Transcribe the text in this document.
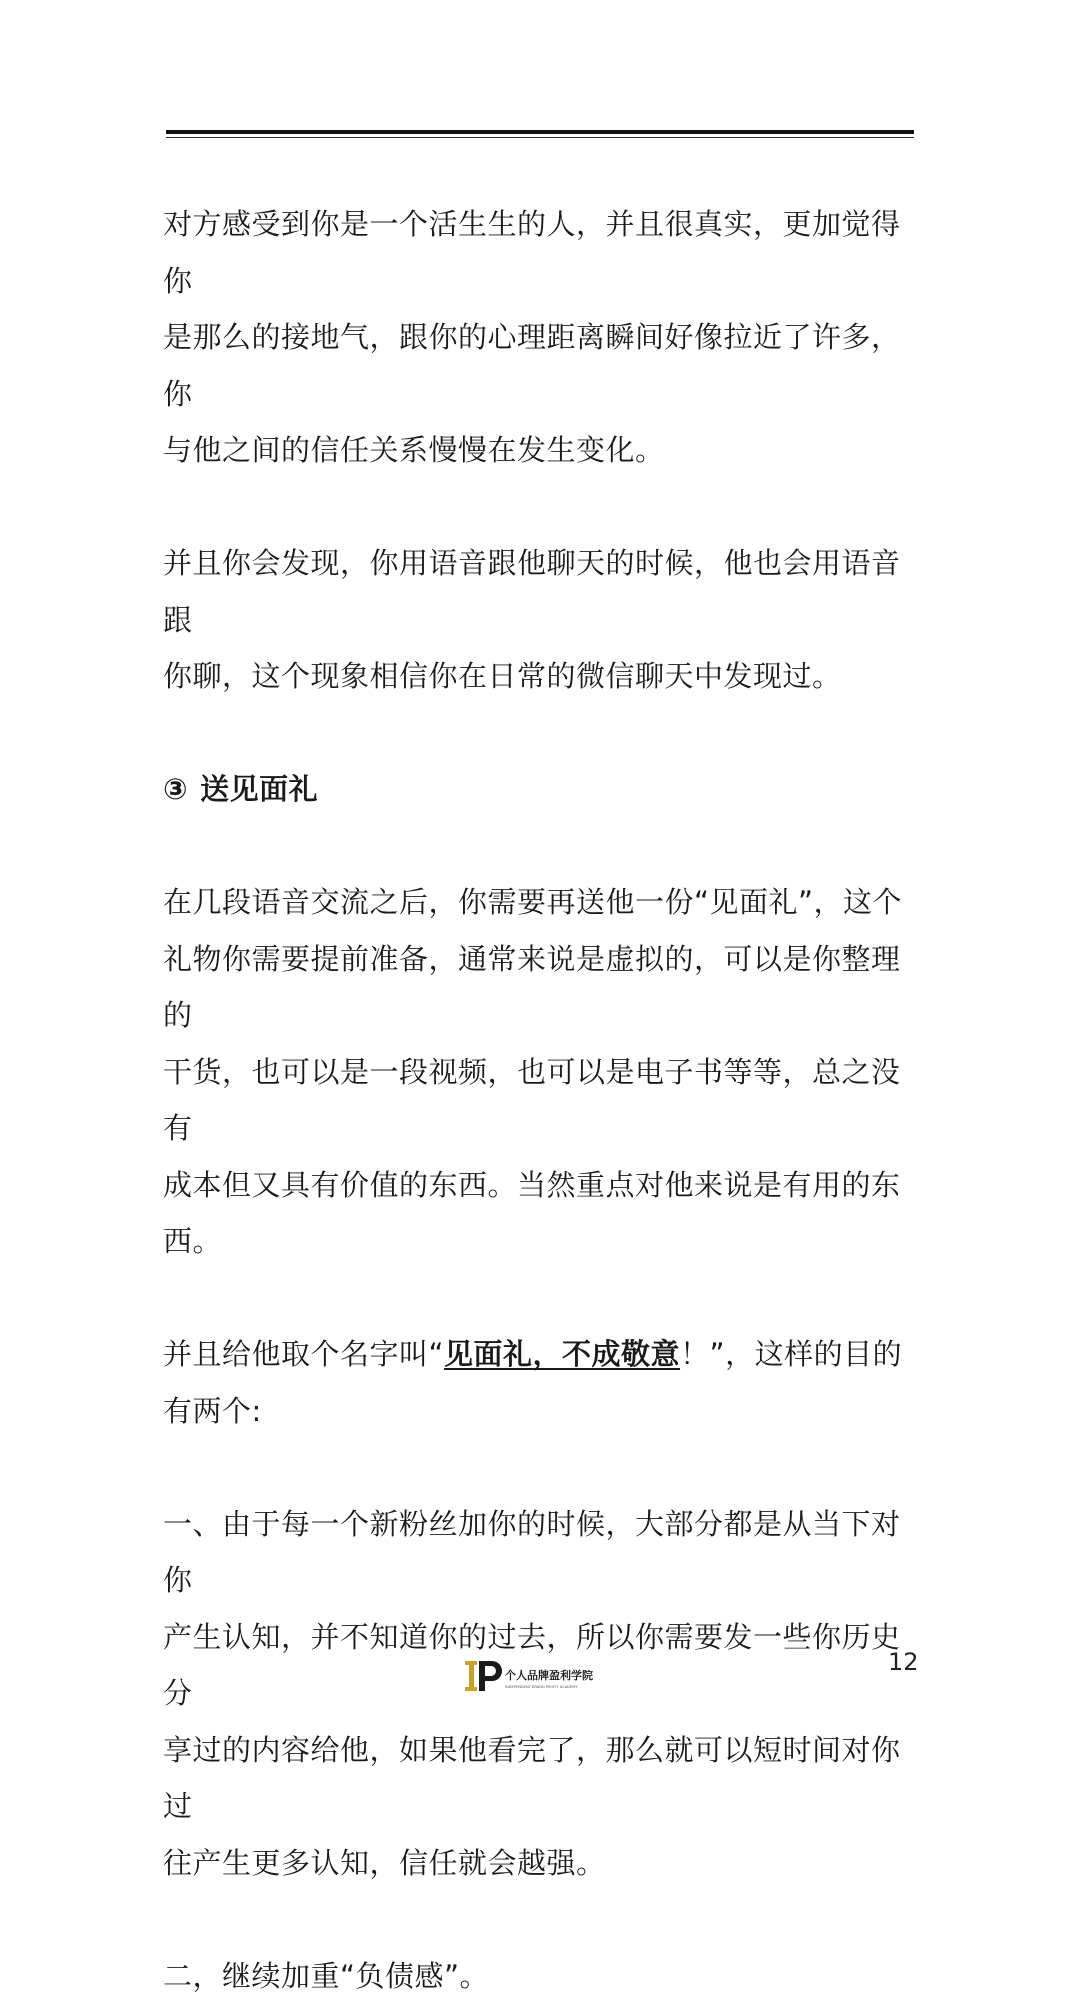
对方感受到你是一个活生生的人，并且很真实，更加觉得你
是那么的接地气，跟你的心理距离瞬间好像拉近了许多，你
与他之间的信任关系慢慢在发生变化。

并且你会发现，你用语音跟他聊天的时候，他也会用语音跟
你聊，这个现象相信你在日常的微信聊天中发现过。

③ 送见面礼

在几段语音交流之后，你需要再送他一份“见面礼”，这个
礼物你需要提前准备，通常来说是虚拟的，可以是你整理的
干货，也可以是一段视频，也可以是电子书等等，总之没有
成本但又具有价值的东西。当然重点对他来说是有用的东
西。

并且给他取个名字叫“见面礼，不成敬意！”，这样的目的
有两个:

一、由于每一个新粉丝加你的时候，大部分都是从当下对你
产生认知，并不知道你的过去，所以你需要发一些你历史分
享过的内容给他，如果他看完了，那么就可以短时间对你过
往产生更多认知，信任就会越强。

二，继续加重“负债感”。

个人品牌盈利学院
INDEPENDENT BRAND PROFIT ACADEMY
12
